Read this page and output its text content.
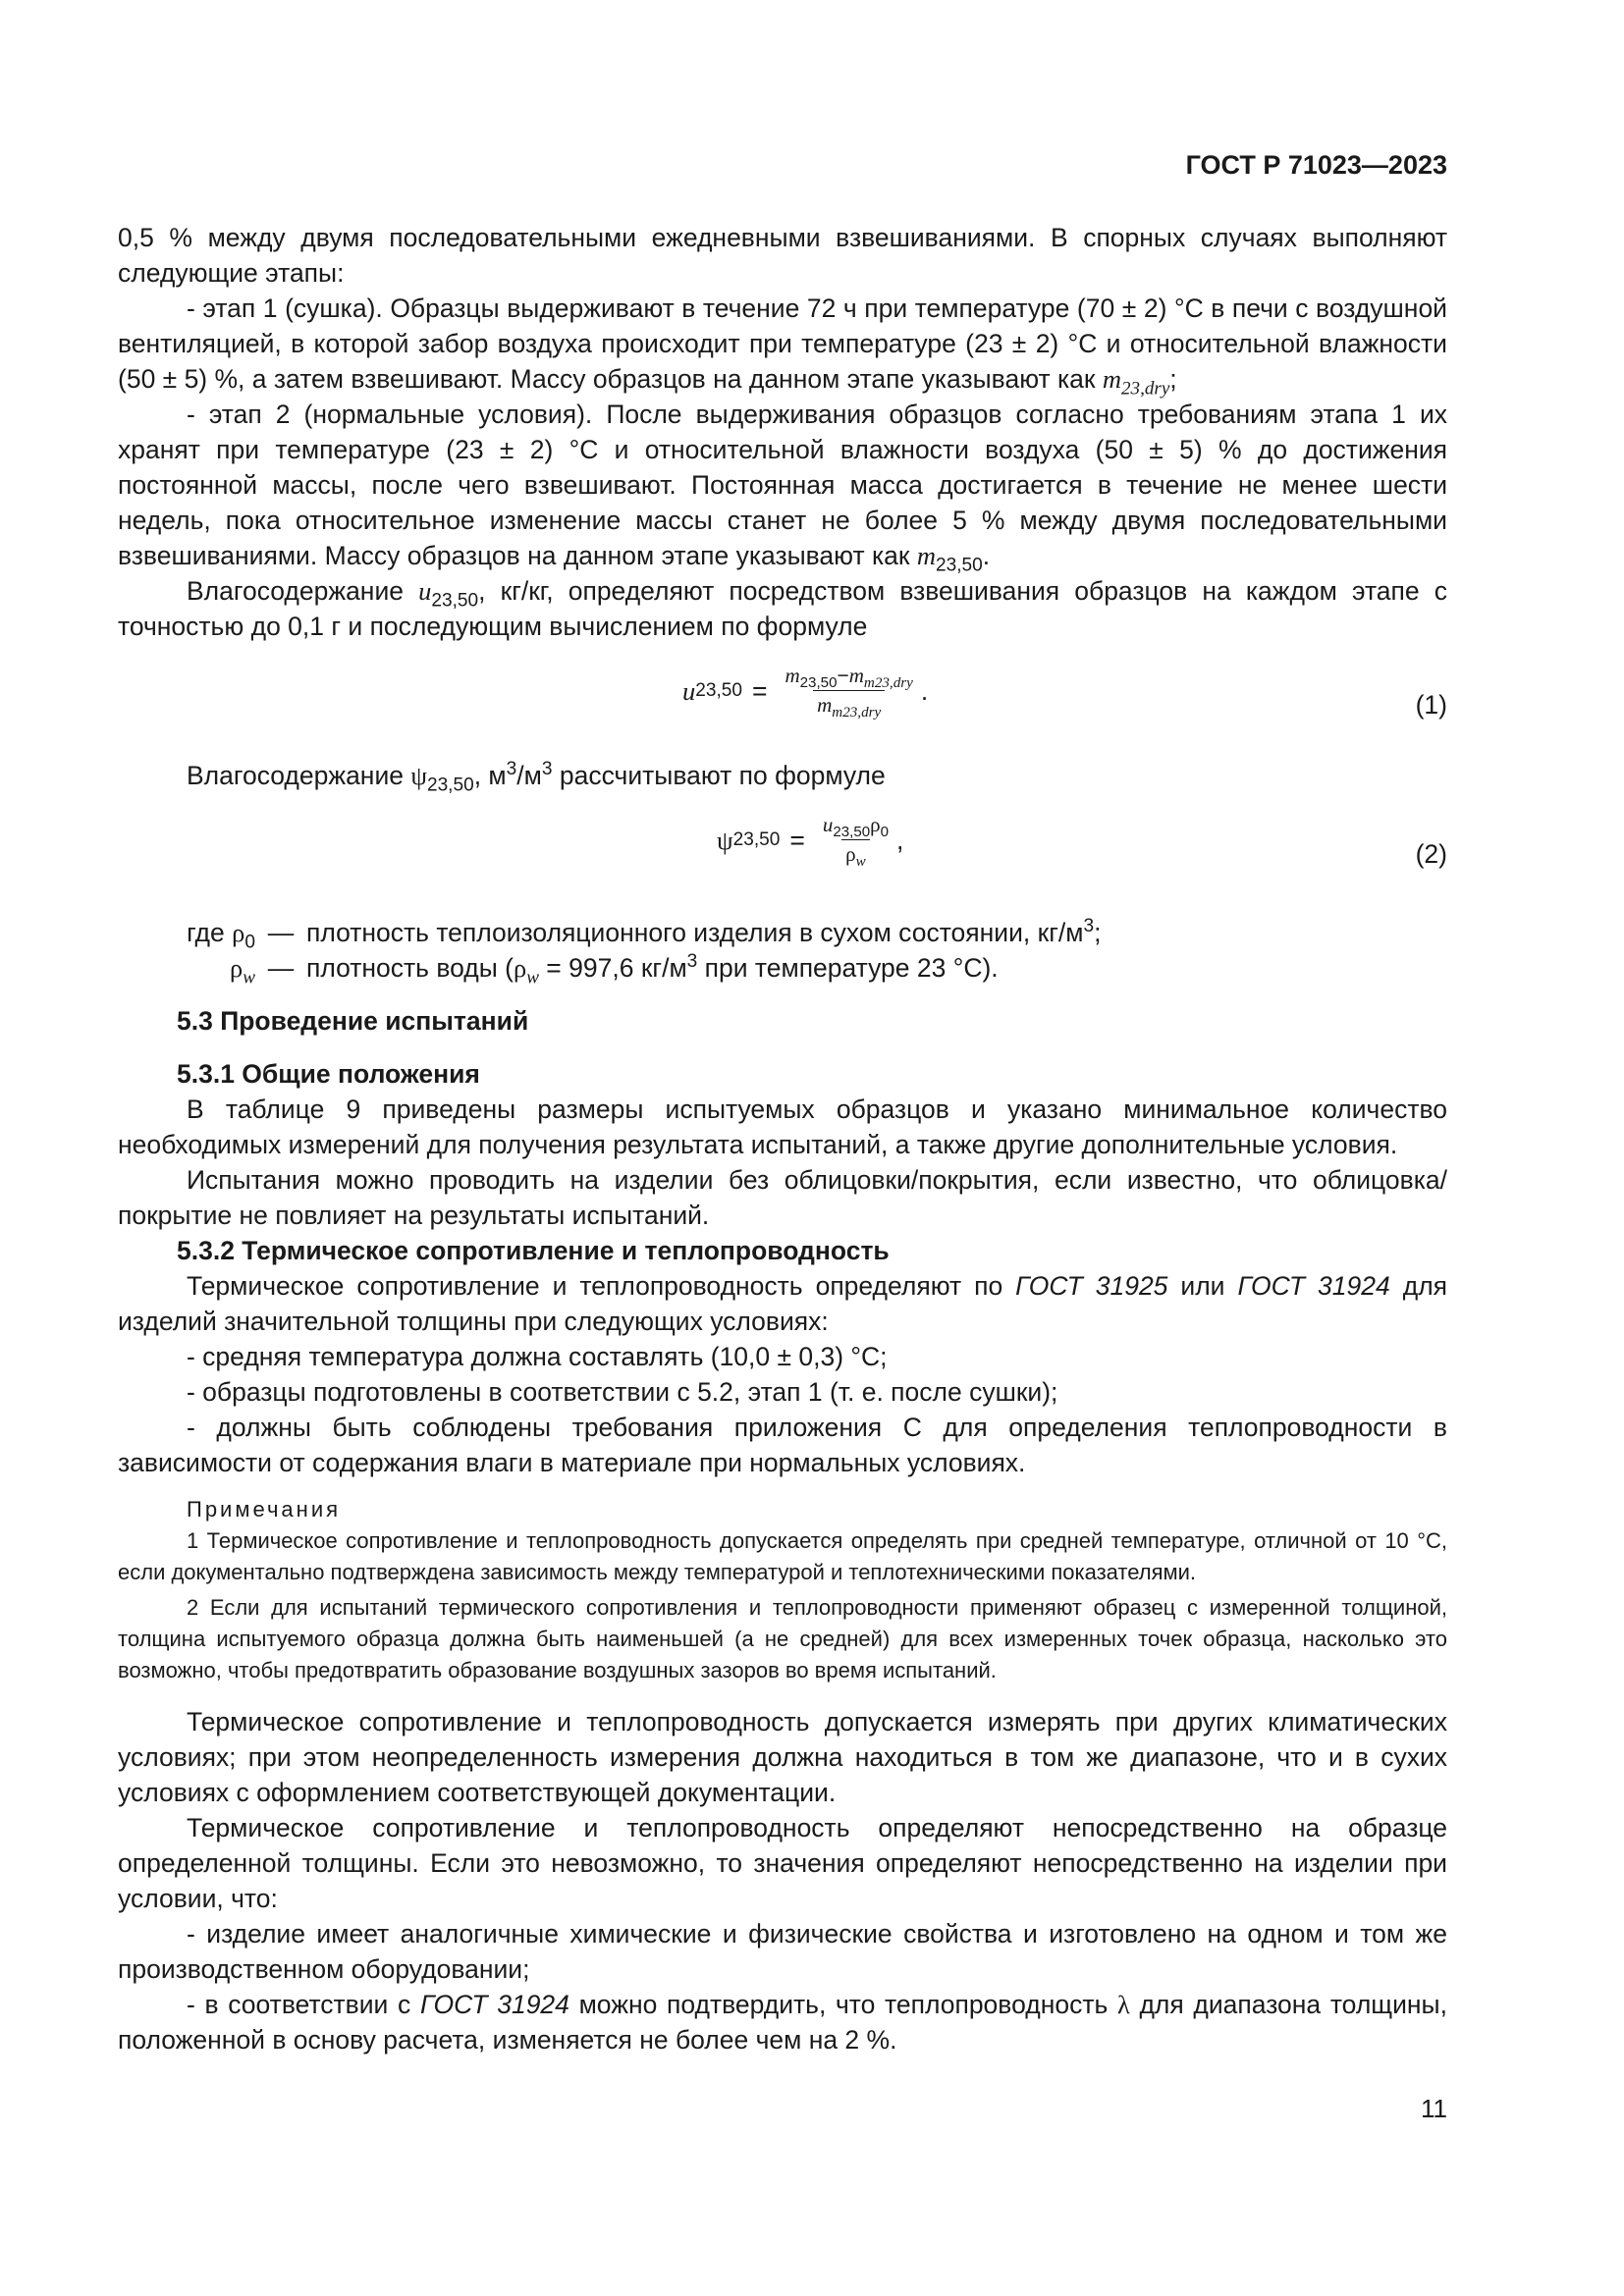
ГОСТ Р 71023—2023

0,5 % между двумя последовательными ежедневными взвешиваниями. В спорных случаях выполняют следующие этапы:

- этап 1 (сушка). Образцы выдерживают в течение 72 ч при температуре (70 ± 2) °С в печи с воздушной вентиляцией, в которой забор воздуха происходит при температуре (23 ± 2) °С и относительной влажности (50 ± 5) %, а затем взвешивают. Массу образцов на данном этапе указывают как $m_{23,dry}$;

- этап 2 (нормальные условия). После выдерживания образцов согласно требованиям этапа 1 их хранят при температуре (23 ± 2) °С и относительной влажности воздуха (50 ± 5) % до достижения постоянной массы, после чего взвешивают. Постоянная масса достигается в течение не менее шести недель, пока относительное изменение массы станет не более 5 % между двумя последовательными взвешиваниями. Массу образцов на данном этапе указывают как $m_{23,50}$.

Влагосодержание $u_{23,50}$, кг/кг, определяют посредством взвешивания образцов на каждом этапе с точностью до 0,1 г и последующим вычислением по формуле

u $23,50 = \frac{m_{23,50}-m_{m23,dry}}{m_{m23,dry}}$ .	(1)

Влагосодержание $\psi_{23,50}$, $м^3/м^3$ рассчитывают по формуле

ψ $23,50 = \frac{u_{23,50}\rho_0}{\rho_w}$ ,	(2)
где $\rho_0$ — плотность теплоизоляционного изделия в сухом состоянии, $кг/м^3$;
$\rho_w$ — плотность воды ($\rho_w = 997,6$ $кг/м^3$ при температуре 23 °С).
5.3 Проведение испытаний
5.3.1 Общие положения

В таблице 9 приведены размеры испытуемых образцов и указано минимальное количество необходимых измерений для получения результата испытаний, а также другие дополнительные условия.

Испытания можно проводить на изделии без облицовки/покрытия, если известно, что облицовка/покрытие не повлияет на результаты испытаний.

5.3.2 Термическое сопротивление и теплопроводность

Термическое сопротивление и теплопроводность определяют по ГОСТ 31925 или ГОСТ 31924 для изделий значительной толщины при следующих условиях:

- средняя температура должна составлять (10,0 ± 0,3) °С;

- образцы подготовлены в соответствии с 5.2, этап 1 (т. е. после сушки);

- должны быть соблюдены требования приложения С для определения теплопроводности в зависимости от содержания влаги в материале при нормальных условиях.

Примечания

1 Термическое сопротивление и теплопроводность допускается определять при средней температуре, отличной от 10 °С, если документально подтверждена зависимость между температурой и теплотехническими показателями.

2 Если для испытаний термического сопротивления и теплопроводности применяют образец с измеренной толщиной, толщина испытуемого образца должна быть наименьшей (а не средней) для всех измеренных точек образца, насколько это возможно, чтобы предотвратить образование воздушных зазоров во время испытаний.

Термическое сопротивление и теплопроводность допускается измерять при других климатических условиях; при этом неопределенность измерения должна находиться в том же диапазоне, что и в сухих условиях с оформлением соответствующей документации.

Термическое сопротивление и теплопроводность определяют непосредственно на образце определенной толщины. Если это невозможно, то значения определяют непосредственно на изделии при условии, что:

- изделие имеет аналогичные химические и физические свойства и изготовлено на одном и том же производственном оборудовании;

- в соответствии с ГОСТ 31924 можно подтвердить, что теплопроводность λ для диапазона толщины, положенной в основу расчета, изменяется не более чем на 2 %.

11
